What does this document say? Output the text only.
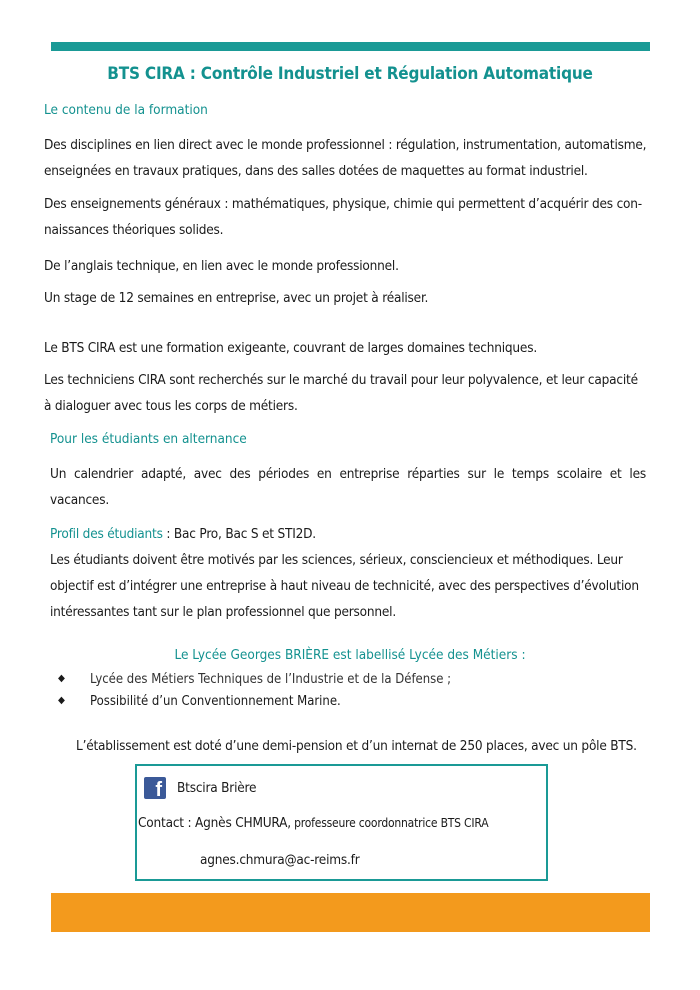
BTS CIRA : Contrôle Industriel et Régulation Automatique
Le contenu de la formation
Des disciplines en lien direct avec le monde professionnel : régulation, instrumentation, automatisme,
enseignées en travaux pratiques, dans des salles dotées de maquettes au format industriel.
Des enseignements généraux : mathématiques, physique, chimie qui permettent d’acquérir des con-
naissances théoriques solides.
De l’anglais technique, en lien avec le monde professionnel.
Un stage de 12 semaines en entreprise, avec un projet à réaliser.
Le BTS CIRA est une formation exigeante, couvrant de larges domaines techniques.
Les techniciens CIRA sont recherchés sur le marché du travail pour leur polyvalence, et leur capacité
à dialoguer avec tous les corps de métiers.
Pour les étudiants en alternance
Un calendrier adapté, avec des périodes en entreprise réparties sur le temps scolaire et les
vacances.
Profil des étudiants : Bac Pro, Bac S et STI2D.
Les étudiants doivent être motivés par les sciences, sérieux, consciencieux et méthodiques. Leur
objectif est d’intégrer une entreprise à haut niveau de technicité, avec des perspectives d’évolution
intéressantes tant sur le plan professionnel que personnel.
Le Lycée Georges BRIÈRE est labellisé Lycée des Métiers :
◆ Lycée des Métiers Techniques de l’Industrie et de la Défense ;
◆ Possibilité d’un Conventionnement Marine.
L’établissement est doté d’une demi-pension et d’un internat de 250 places, avec un pôle BTS.
f Btscira Brière
Contact : Agnès CHMURA, professeure coordonnatrice BTS CIRA
agnes.chmura@ac-reims.fr
